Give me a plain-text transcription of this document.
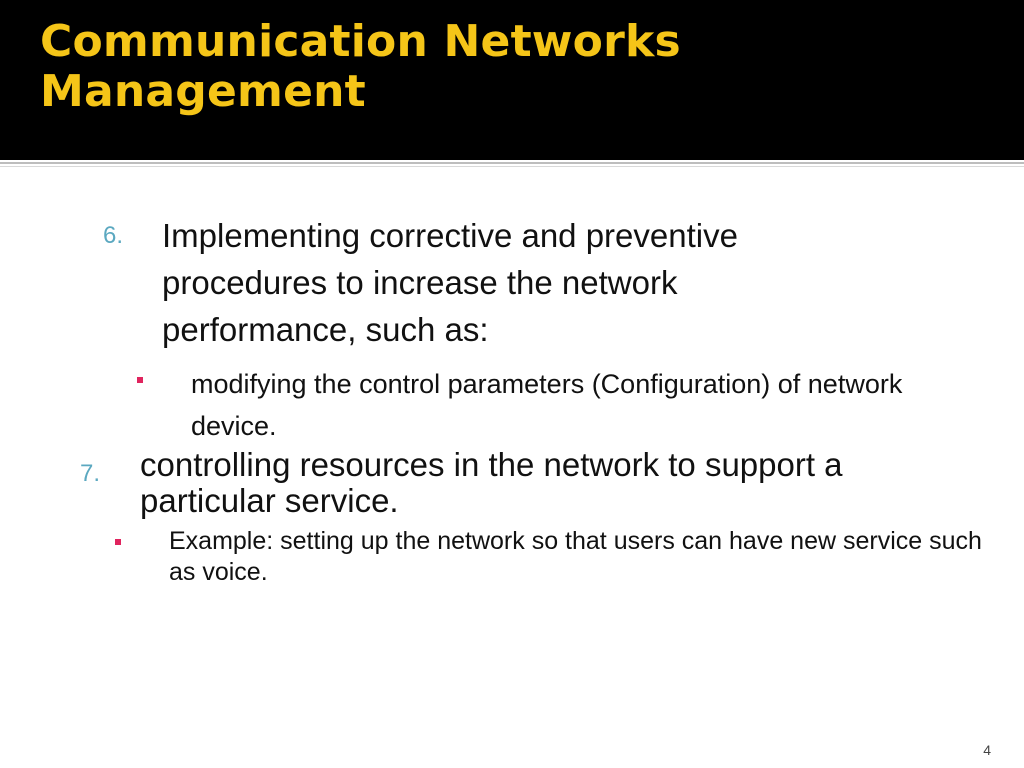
Communication Networks Management
6. Implementing corrective and preventive procedures to increase the network performance, such as:
modifying the control parameters (Configuration) of network device.
7. controlling resources in the network to support a particular service.
Example: setting up the network so that users can have new service such as voice.
4
